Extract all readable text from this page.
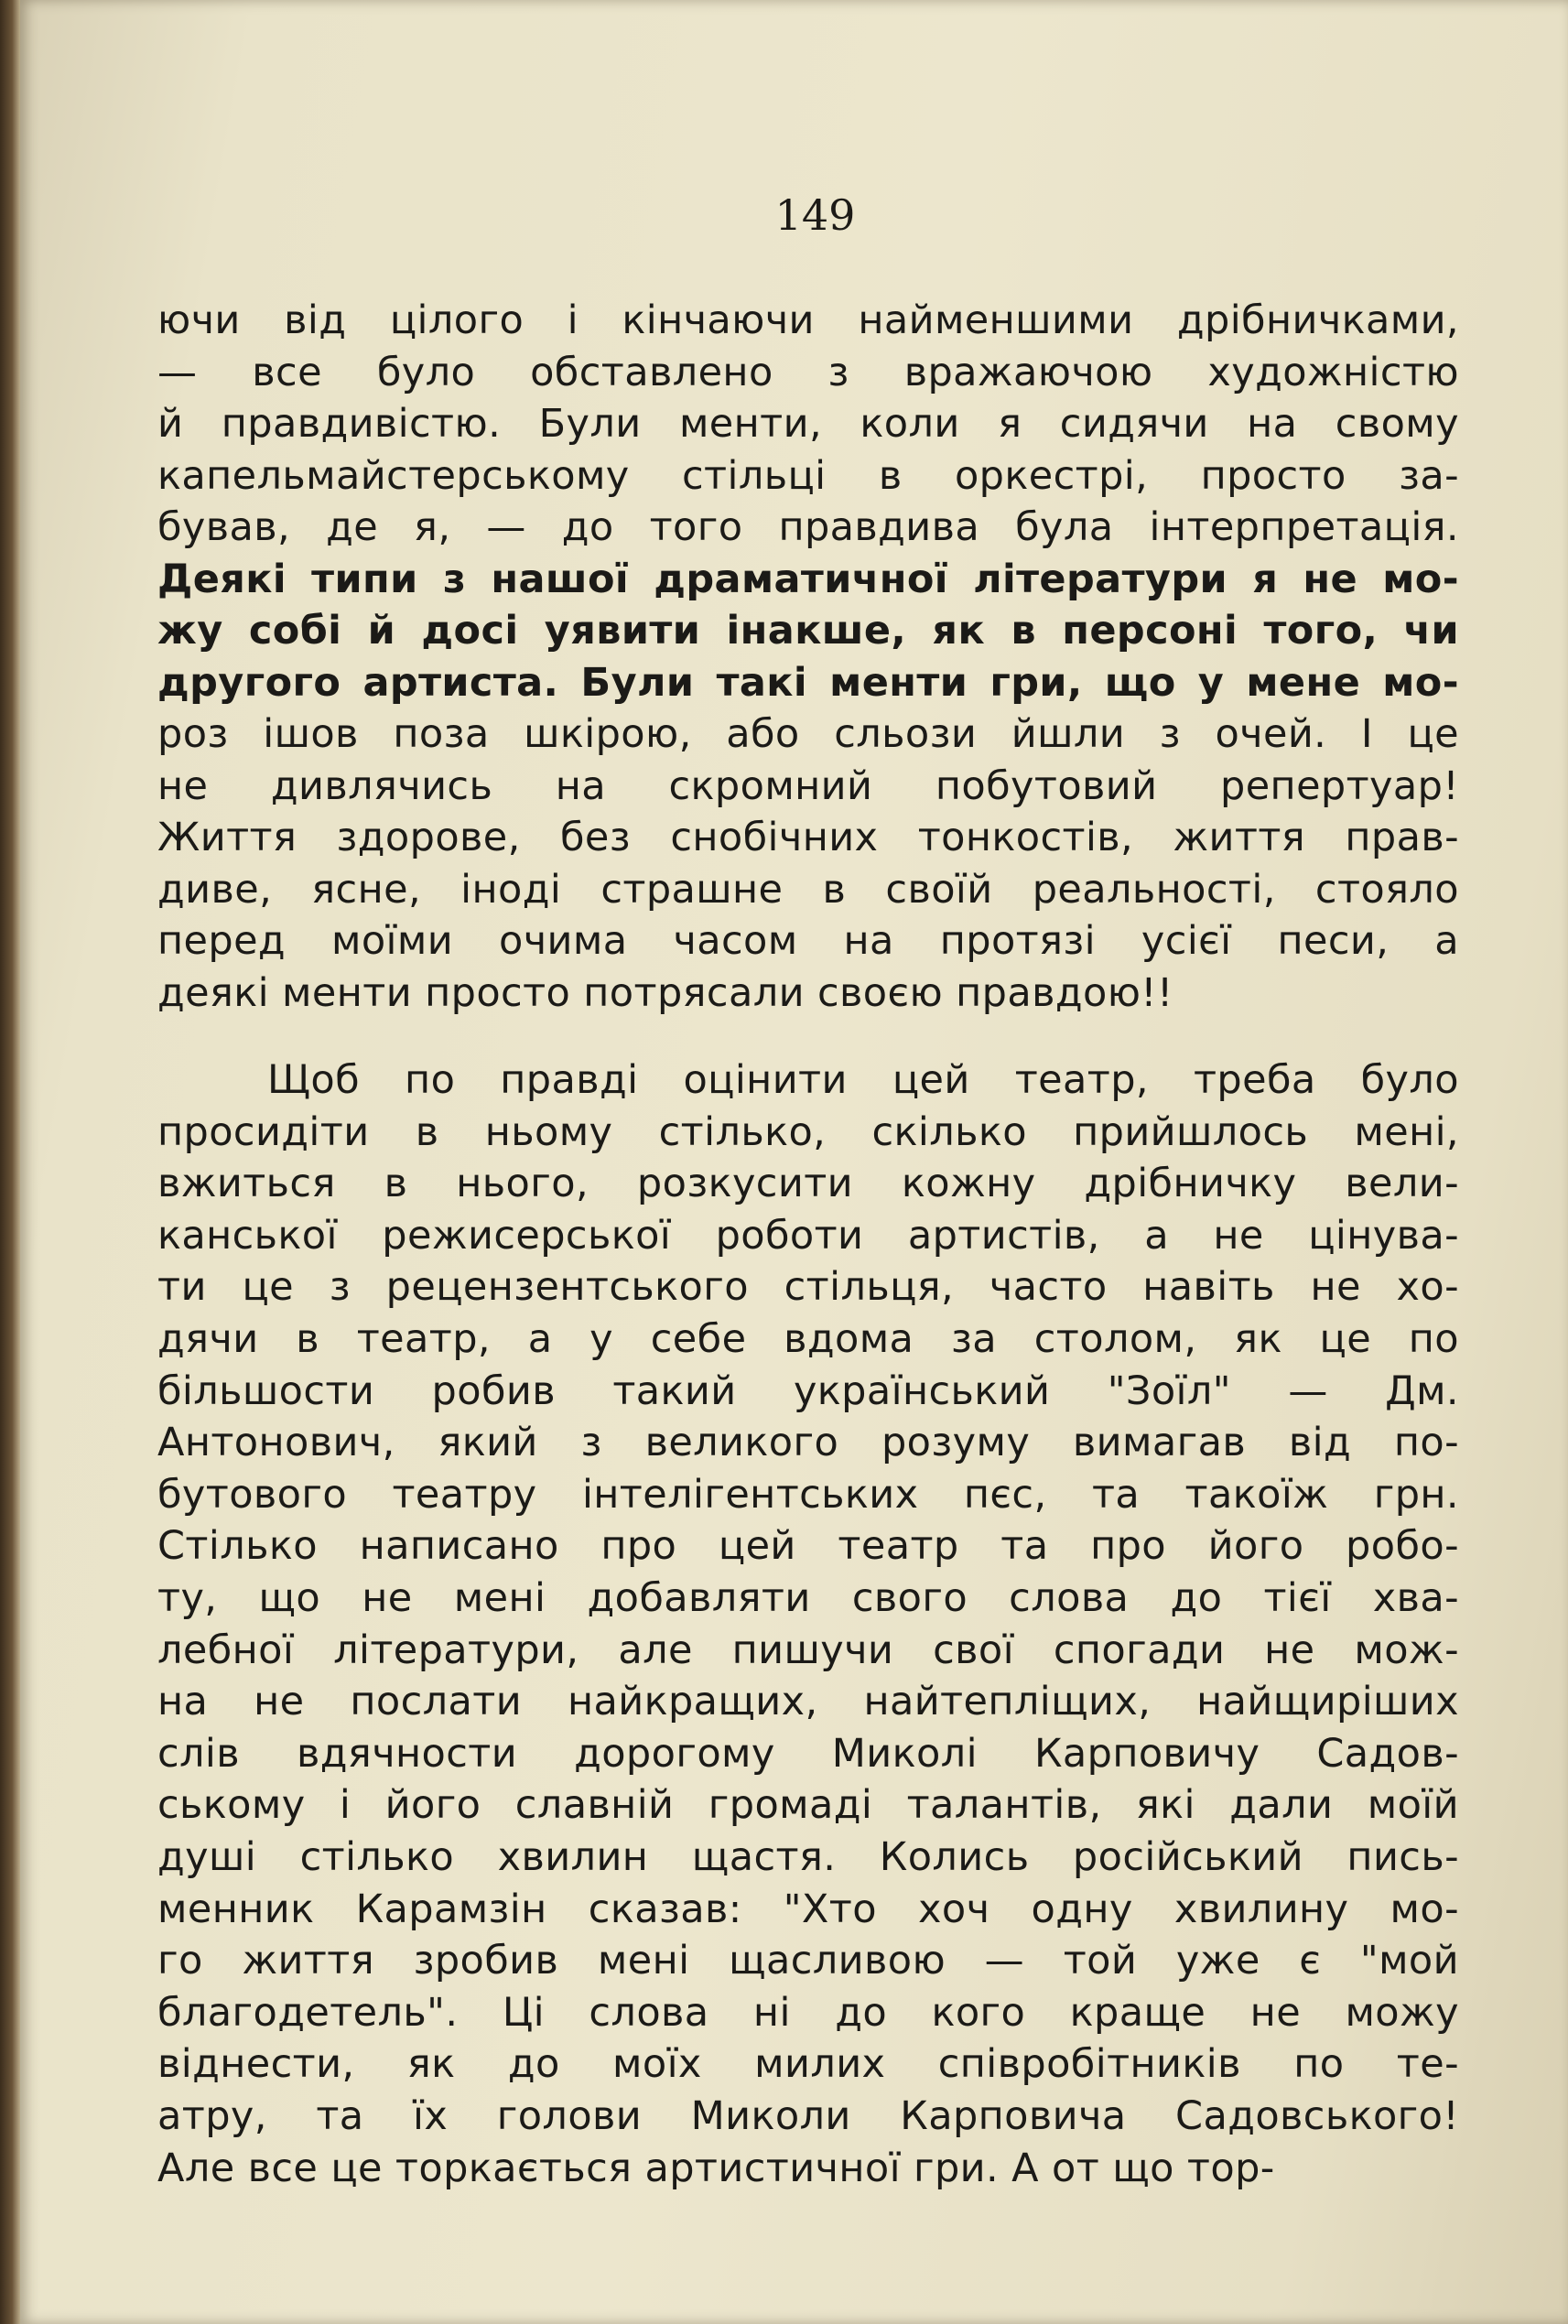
149
ючи від цілого і кінчаючи найменшими дрібничками,
— все було обставлено з вражаючою художністю
й правдивістю. Були менти, коли я сидячи на свому
капельмайстерському стільці в оркестрі, просто за-
бував, де я, — до того правдива була інтерпретація.
Деякі типи з нашої драматичної літератури я не мо-
жу собі й досі уявити інакше, як в персоні того, чи
другого артиста. Були такі менти гри, що у мене мо-
роз ішов поза шкірою, або сльози йшли з очей. І це
не дивлячись на скромний побутовий репертуар!
Життя здорове, без снобічних тонкостів, життя прав-
диве, ясне, іноді страшне в своїй реальності, стояло
перед моїми очима часом на протязі усієї песи, а
деякі менти просто потрясали своєю правдою!!
Щоб по правді оцінити цей театр, треба було
просидіти в ньому стілько, скілько прийшлось мені,
вжиться в нього, розкусити кожну дрібничку вели-
канської режисерської роботи артистів, а не цінува-
ти це з рецензентського стільця, часто навіть не хо-
дячи в театр, а у себе вдома за столом, як це по
більшости робив такий український "Зоїл" — Дм.
Антонович, який з великого розуму вимагав від по-
бутового театру інтелігентських пєс, та такоїж грн.
Стілько написано про цей театр та про його робо-
ту, що не мені добавляти свого слова до тієї хва-
лебної літератури, але пишучи свої спогади не мож-
на не послати найкращих, найтепліщих, найщиріших
слів вдячности дорогому Миколі Карповичу Садов-
ському і його славній громаді талантів, які дали моїй
душі стілько хвилин щастя. Колись російський пись-
менник Карамзін сказав: "Хто хоч одну хвилину мо-
го життя зробив мені щасливою — той уже є "мой
благодетель". Ці слова ні до кого краще не можу
віднести, як до моїх милих співробітників по те-
атру, та їх голови Миколи Карповича Садовського!
Але все це торкається артистичної гри. А от що тор-
